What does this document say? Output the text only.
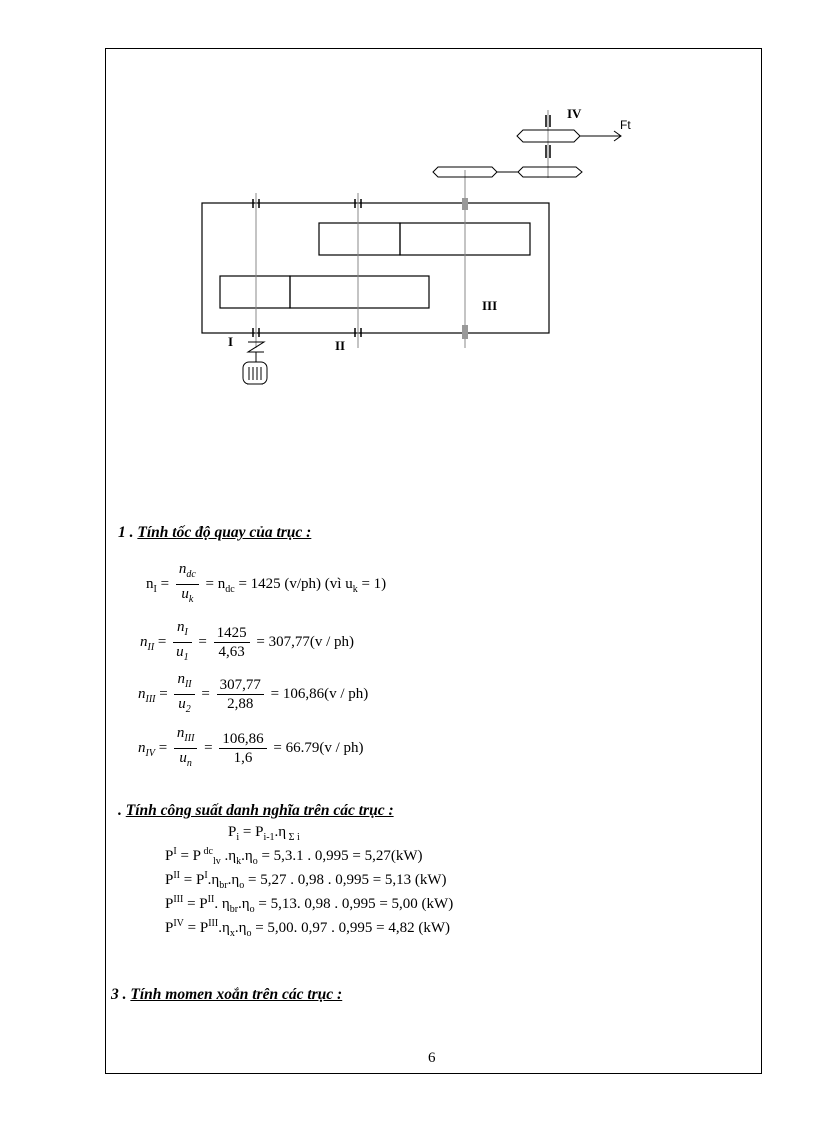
I	II
III
IV
Ft
1 . Tính tốc độ quay của trục :
$n_I = \frac{n_{dc}}{u_k} = n_{dc} = 1425$ (v/ph) (vì $u_k = 1$)
$n_{II} = \frac{n_I}{u_1} = \frac{1425}{4,63} = 307,77(v / ph)$
$n_{III} = \frac{n_{II}}{u_2} = \frac{307,77}{2,88} = 106,86(v / ph)$
$n_{IV} = \frac{n_{III}}{u_n} = \frac{106,86}{1,6} = 66.79(v / ph)$
. Tính công suất danh nghĩa trên các trục :
$P_i = P_{i-1}.\eta$ $_{\Sigma i}$
$P^I = P$ $^{dc}_{lv}$ $.\eta_k.\eta_o = 5,3.1$ . 0,995 = 5,27(kW)
$P^{II} = P^I.\eta_{br}.\eta_o = 5,27$ . 0,98 . 0,995 = 5,13 (kW)
$P^{III} = P^{II}$. $\eta_{br}.\eta_o = 5,13$. 0,98 . 0,995 = 5,00 (kW)
$P^{IV} = P^{III}.\eta_x.\eta_o = 5,00$. 0,97 . 0,995 = 4,82 (kW)
3 . Tính momen xoắn trên các trục :
6
